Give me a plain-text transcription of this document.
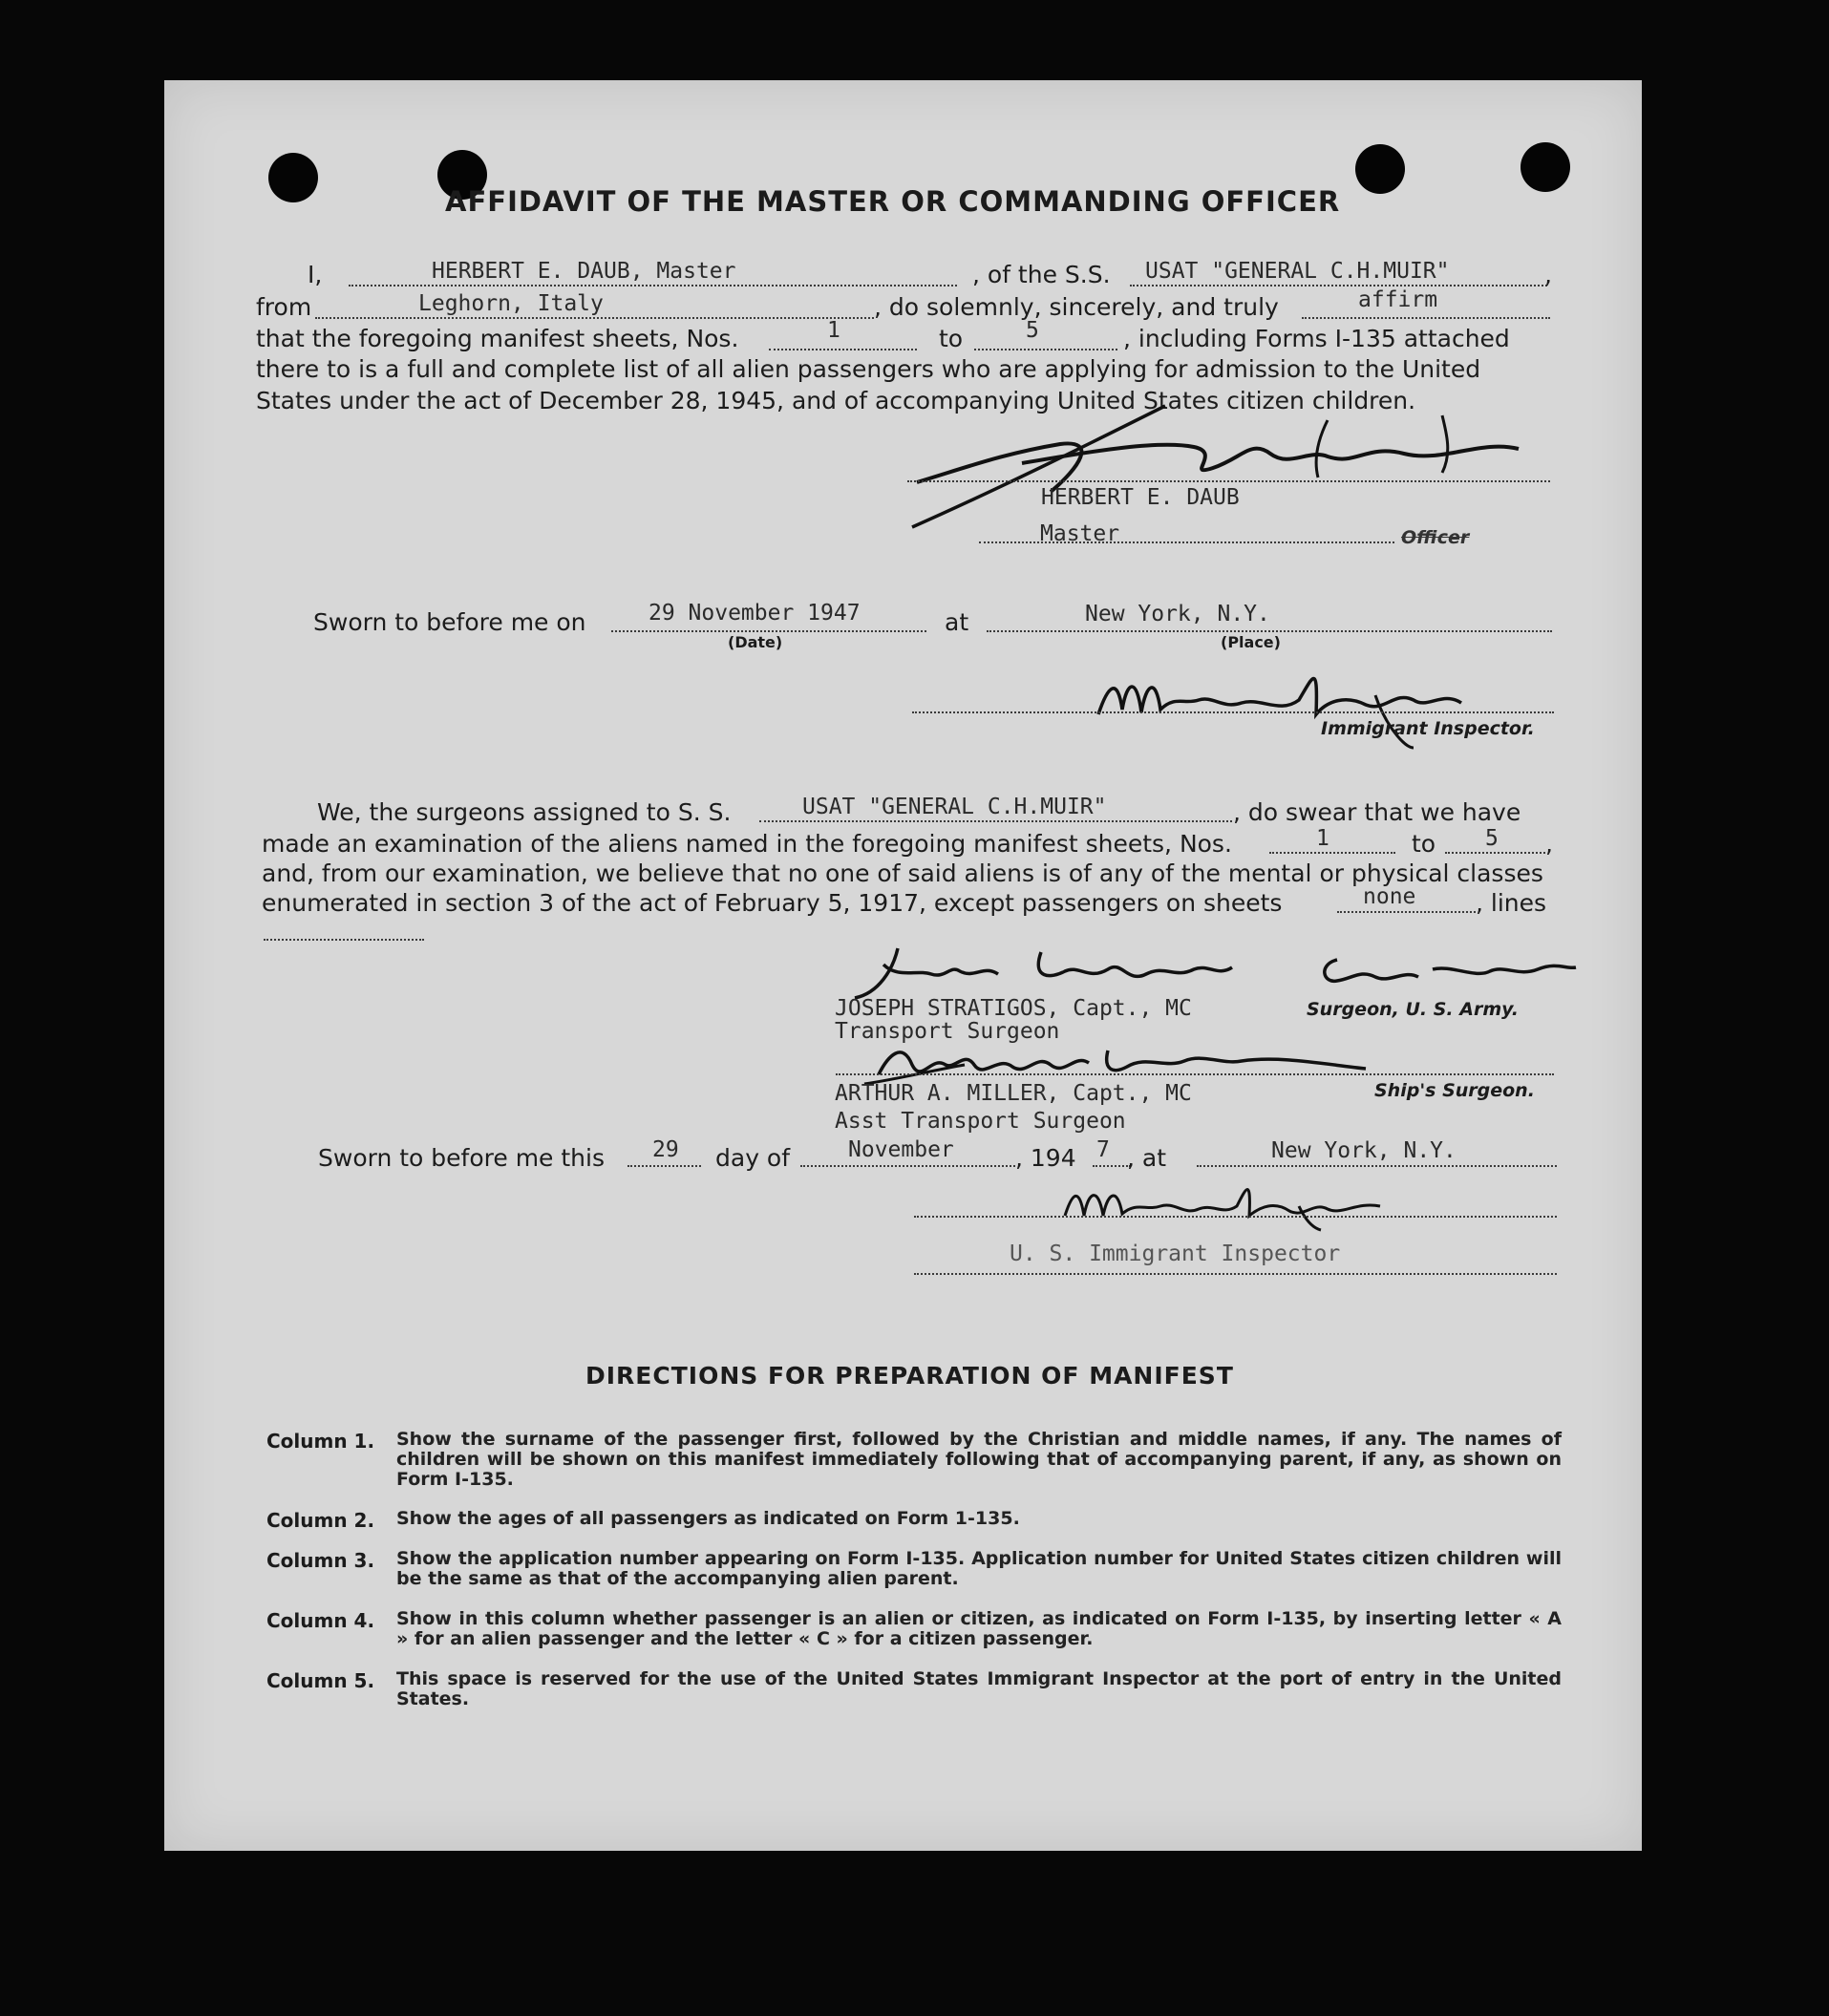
AFFIDAVIT OF THE MASTER OR COMMANDING OFFICER
I,	HERBERT E. DAUB, Master	, of the S.S. USAT "GENERAL C.H.MUIR"	,
from	Leghorn, Italy	, do solemnly, sincerely, and truly	affirm
that the foregoing manifest sheets, Nos.	1	to	5	, including Forms I-135 attached
there to is a full and complete list of all alien passengers who are applying for admission to the United
States under the act of December 28, 1945, and of accompanying United States citizen children.
HERBERT E. DAUB
Master	Officer
Sworn to before me on	29 November 1947
(Date)
at	New York, N.Y.
(Place)
Immigrant Inspector.
We, the surgeons assigned to S. S.	USAT "GENERAL C.H.MUIR"	, do swear that we have
made an examination of the aliens named in the foregoing manifest sheets, Nos.	1	to 5 ,
and, from our examination, we believe that no one of said aliens is of any of the mental or physical classes
enumerated in section 3 of the act of February 5, 1917, except passengers on sheets	none	, lines
JOSEPH STRATIGOS, Capt., MC	Surgeon, U. S. Army.
Transport Surgeon
ARTHUR A. MILLER, Capt., MC	Ship's Surgeon.
Asst Transport Surgeon
Sworn to before me this 29 day of	November	, 194 7 , at	New York, N.Y.
U. S. Immigrant Inspector
DIRECTIONS FOR PREPARATION OF MANIFEST
Column 1. Show the surname of the passenger first, followed by the Christian and middle names, if any. The names of children will be shown on this manifest immediately following that of accompanying parent, if any, as shown on Form I-135.
Column 2. Show the ages of all passengers as indicated on Form 1-135.
Column 3. Show the application number appearing on Form I-135. Application number for United States citizen children will be the same as that of the accompanying alien parent.
Column 4. Show in this column whether passenger is an alien or citizen, as indicated on Form I-135, by inserting letter « A » for an alien passenger and the letter « C » for a citizen passenger.
Column 5. This space is reserved for the use of the United States Immigrant Inspector at the port of entry in the United States.
